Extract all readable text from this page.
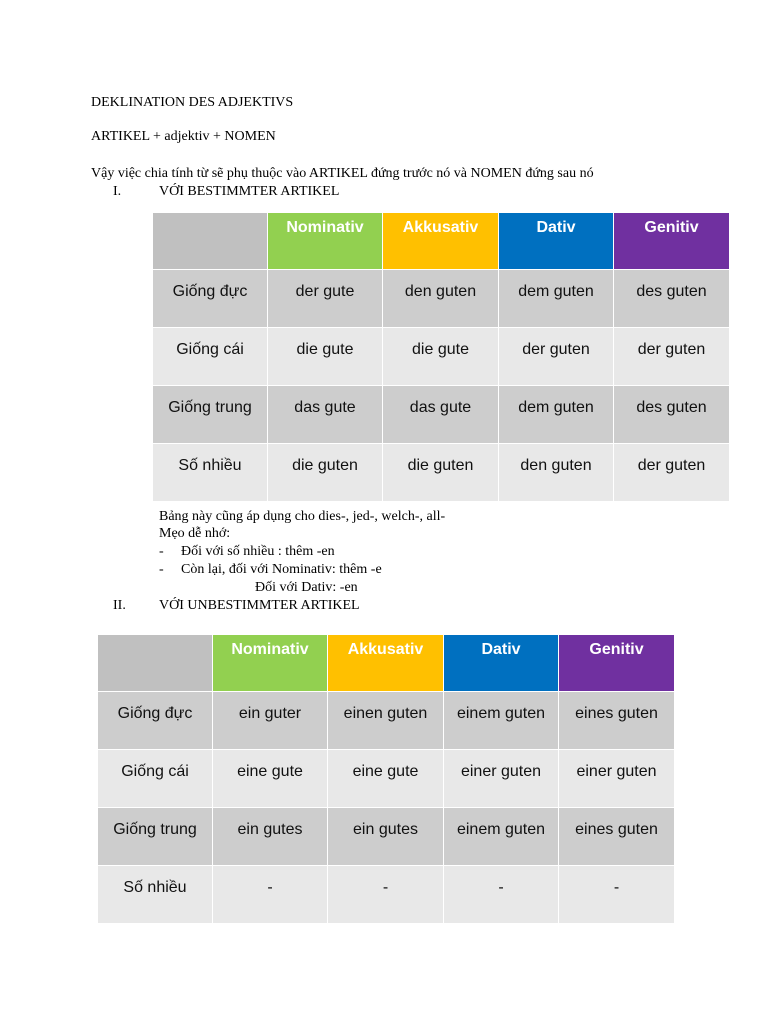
DEKLINATION DES ADJEKTIVS
ARTIKEL + adjektiv + NOMEN
Vậy việc chia tính từ sẽ phụ thuộc vào ARTIKEL đứng trước nó và NOMEN đứng sau nó
I.	VỚI BESTIMMTER ARTIKEL

	Nominativ	Akkusativ	Dativ	Genitiv

Giống đực	der gute	den guten	dem guten	des guten

Giống cái	die gute	die gute	der guten	der guten

Giống trung	das gute	das gute	dem guten	des guten

Số nhiều	die guten	die guten	den guten	der guten
Bảng này cũng áp dụng cho dies-, jed-, welch-, all-
Mẹo dễ nhớ:
- Đối với số nhiều : thêm -en
- Còn lại, đối với Nominativ: thêm -e
Đối với Dativ: -en
II. VỚI UNBESTIMMTER ARTIKEL

	Nominativ	Akkusativ	Dativ	Genitiv

Giống đực	ein guter	einen guten	einem guten	eines guten

Giống cái	eine gute	eine gute	einer guten	einer guten

Giống trung	ein gutes	ein gutes	einem guten	eines guten

Số nhiều	-	-	-	-
